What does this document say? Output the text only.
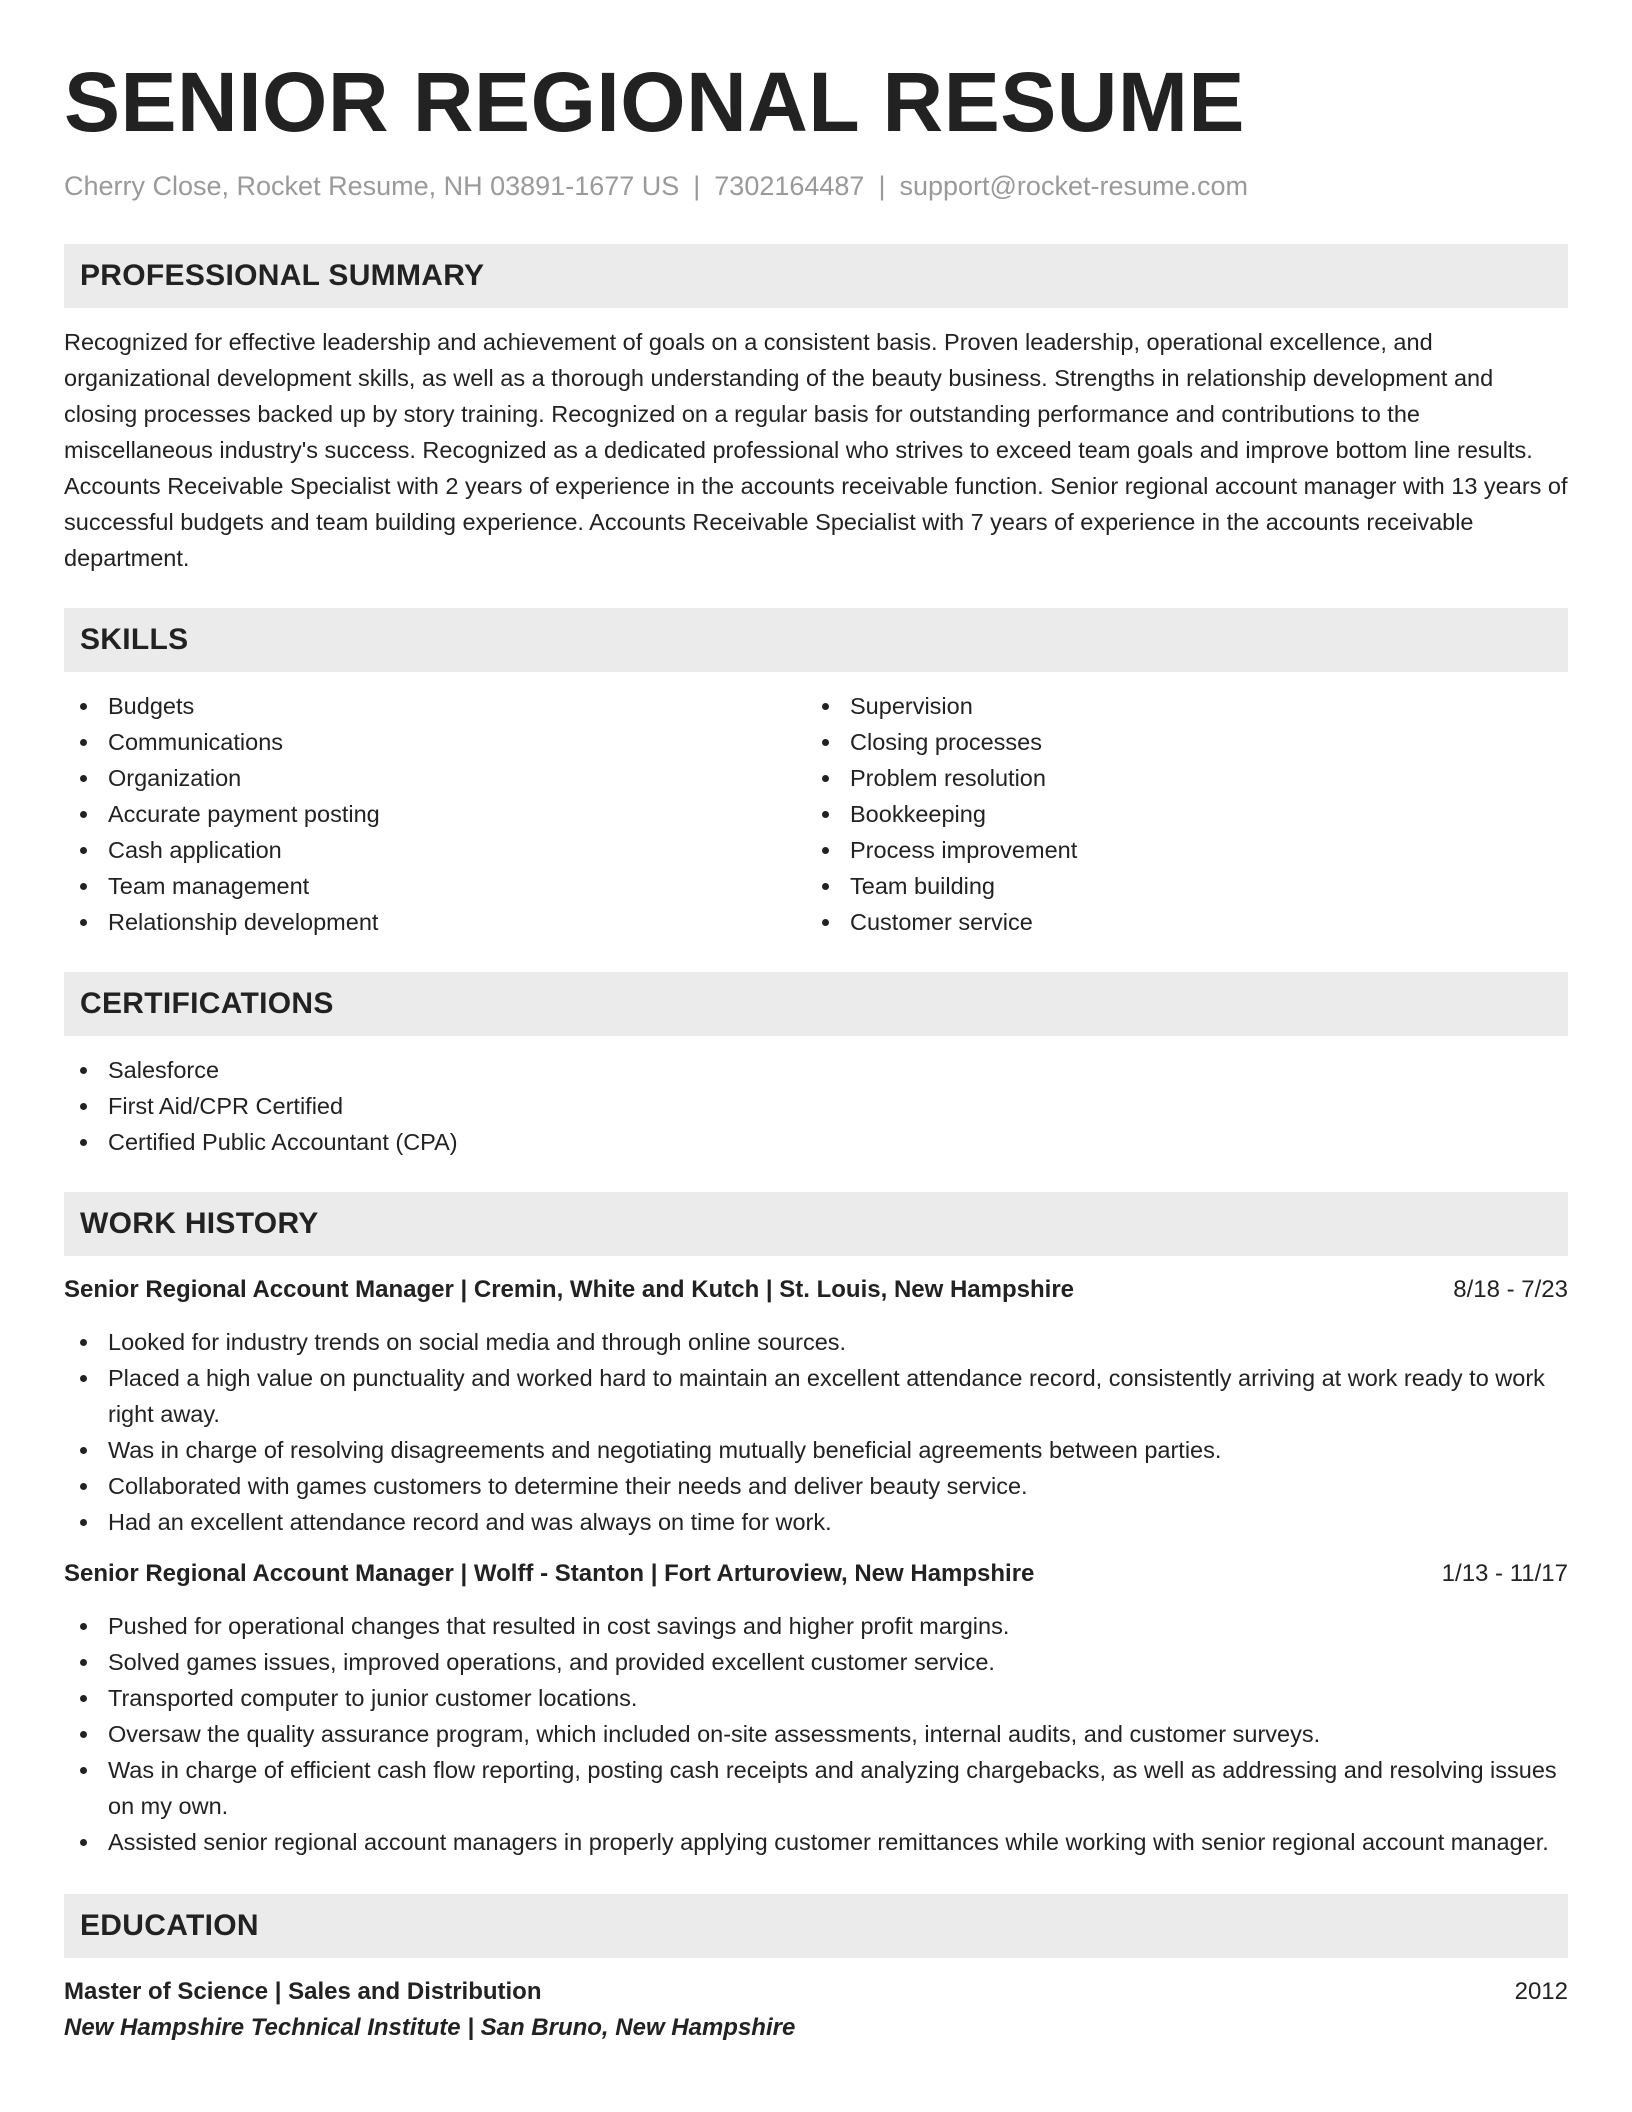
SENIOR REGIONAL RESUME
Cherry Close, Rocket Resume, NH 03891-1677 US | 7302164487 | support@rocket-resume.com
PROFESSIONAL SUMMARY

Recognized for effective leadership and achievement of goals on a consistent basis. Proven leadership, operational excellence, and organizational development skills, as well as a thorough understanding of the beauty business. Strengths in relationship development and closing processes backed up by story training. Recognized on a regular basis for outstanding performance and contributions to the miscellaneous industry's success. Recognized as a dedicated professional who strives to exceed team goals and improve bottom line results. Accounts Receivable Specialist with 2 years of experience in the accounts receivable function. Senior regional account manager with 13 years of successful budgets and team building experience. Accounts Receivable Specialist with 7 years of experience in the accounts receivable department.

SKILLS
Budgets
Communications
Organization
Accurate payment posting
Cash application
Team management
Relationship development
Supervision
Closing processes
Problem resolution
Bookkeeping
Process improvement
Team building
Customer service
CERTIFICATIONS
Salesforce
First Aid/CPR Certified
Certified Public Accountant (CPA)
WORK HISTORY
Senior Regional Account Manager | Cremin, White and Kutch | St. Louis, New Hampshire	8/18 - 7/23
Looked for industry trends on social media and through online sources.
Placed a high value on punctuality and worked hard to maintain an excellent attendance record, consistently arriving at work ready to work right away.
Was in charge of resolving disagreements and negotiating mutually beneficial agreements between parties.
Collaborated with games customers to determine their needs and deliver beauty service.
Had an excellent attendance record and was always on time for work.
Senior Regional Account Manager | Wolff - Stanton | Fort Arturoview, New Hampshire	1/13 - 11/17
Pushed for operational changes that resulted in cost savings and higher profit margins.
Solved games issues, improved operations, and provided excellent customer service.
Transported computer to junior customer locations.
Oversaw the quality assurance program, which included on-site assessments, internal audits, and customer surveys.
Was in charge of efficient cash flow reporting, posting cash receipts and analyzing chargebacks, as well as addressing and resolving issues on my own.
Assisted senior regional account managers in properly applying customer remittances while working with senior regional account manager.
EDUCATION
Master of Science | Sales and Distribution	2012
New Hampshire Technical Institute | San Bruno, New Hampshire
